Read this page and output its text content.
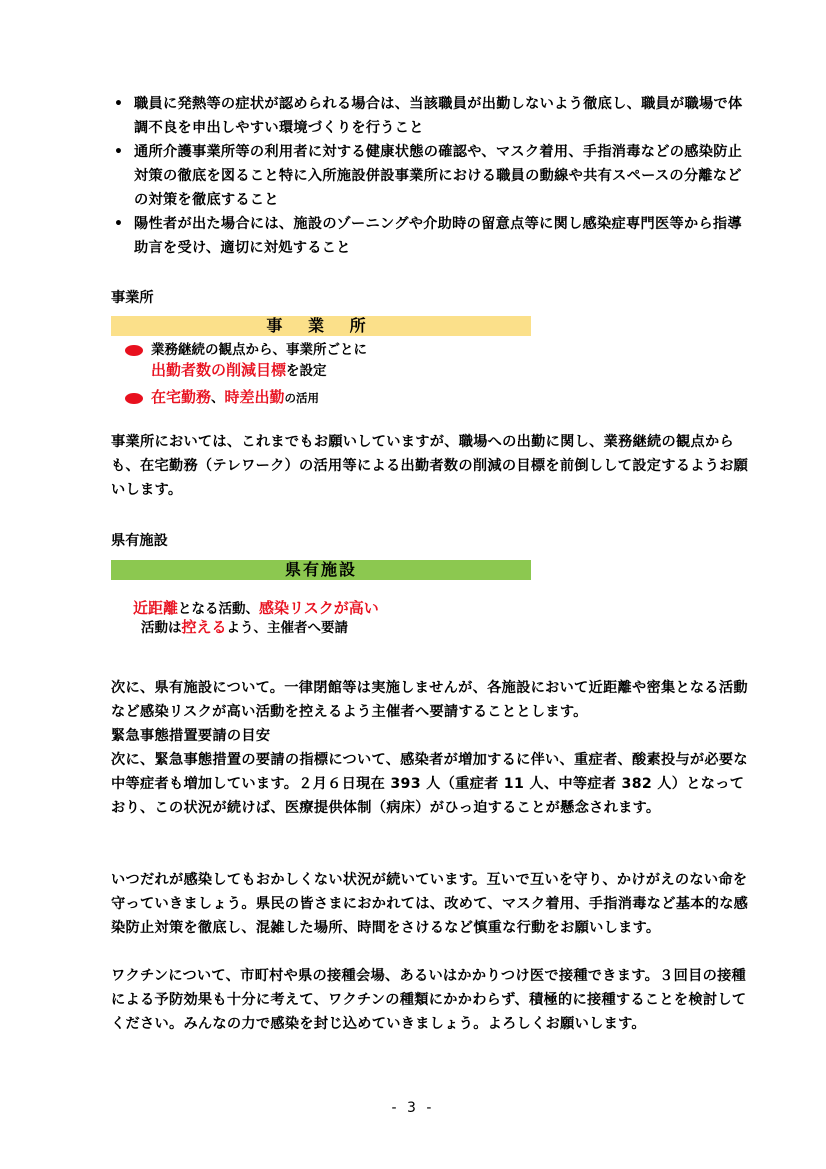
• 職員に発熱等の症状が認められる場合は、当該職員が出勤しないよう徹底し、職員が職場で体調不良を申出しやすい環境づくりを行うこと
• 通所介護事業所等の利用者に対する健康状態の確認や、マスク着用、手指消毒などの感染防止対策の徹底を図ること特に入所施設併設事業所における職員の動線や共有スペースの分離などの対策を徹底すること
• 陽性者が出た場合には、施設のゾーニングや介助時の留意点等に関し感染症専門医等から指導助言を受け、適切に対処すること
事業所
事 業 所
業務継続の観点から、事業所ごとに
出勤者数の削減目標を設定
在宅勤務、時差出勤の活用

事業所においては、これまでもお願いしていますが、職場への出勤に関し、業務継続の観点からも、在宅勤務（テレワーク）の活用等による出勤者数の削減の目標を前倒しして設定するようお願いします。

県有施設
県有施設
近距離となる活動、感染リスクが高い
活動は控えるよう、主催者へ要請

次に、県有施設について。一律閉館等は実施しませんが、各施設において近距離や密集となる活動など感染リスクが高い活動を控えるよう主催者へ要請することとします。

緊急事態措置要請の目安

次に、緊急事態措置の要請の指標について、感染者が増加するに伴い、重症者、酸素投与が必要な中等症者も増加しています。２月６日現在 393 人（重症者 11 人、中等症者 382 人）となっており、この状況が続けば、医療提供体制（病床）がひっ迫することが懸念されます。

いつだれが感染してもおかしくない状況が続いています。互いで互いを守り、かけがえのない命を守っていきましょう。県民の皆さまにおかれては、改めて、マスク着用、手指消毒など基本的な感染防止対策を徹底し、混雑した場所、時間をさけるなど慎重な行動をお願いします。

ワクチンについて、市町村や県の接種会場、あるいはかかりつけ医で接種できます。３回目の接種による予防効果も十分に考えて、ワクチンの種類にかかわらず、積極的に接種することを検討してください。みんなの力で感染を封じ込めていきましょう。よろしくお願いします。

- 3 -
